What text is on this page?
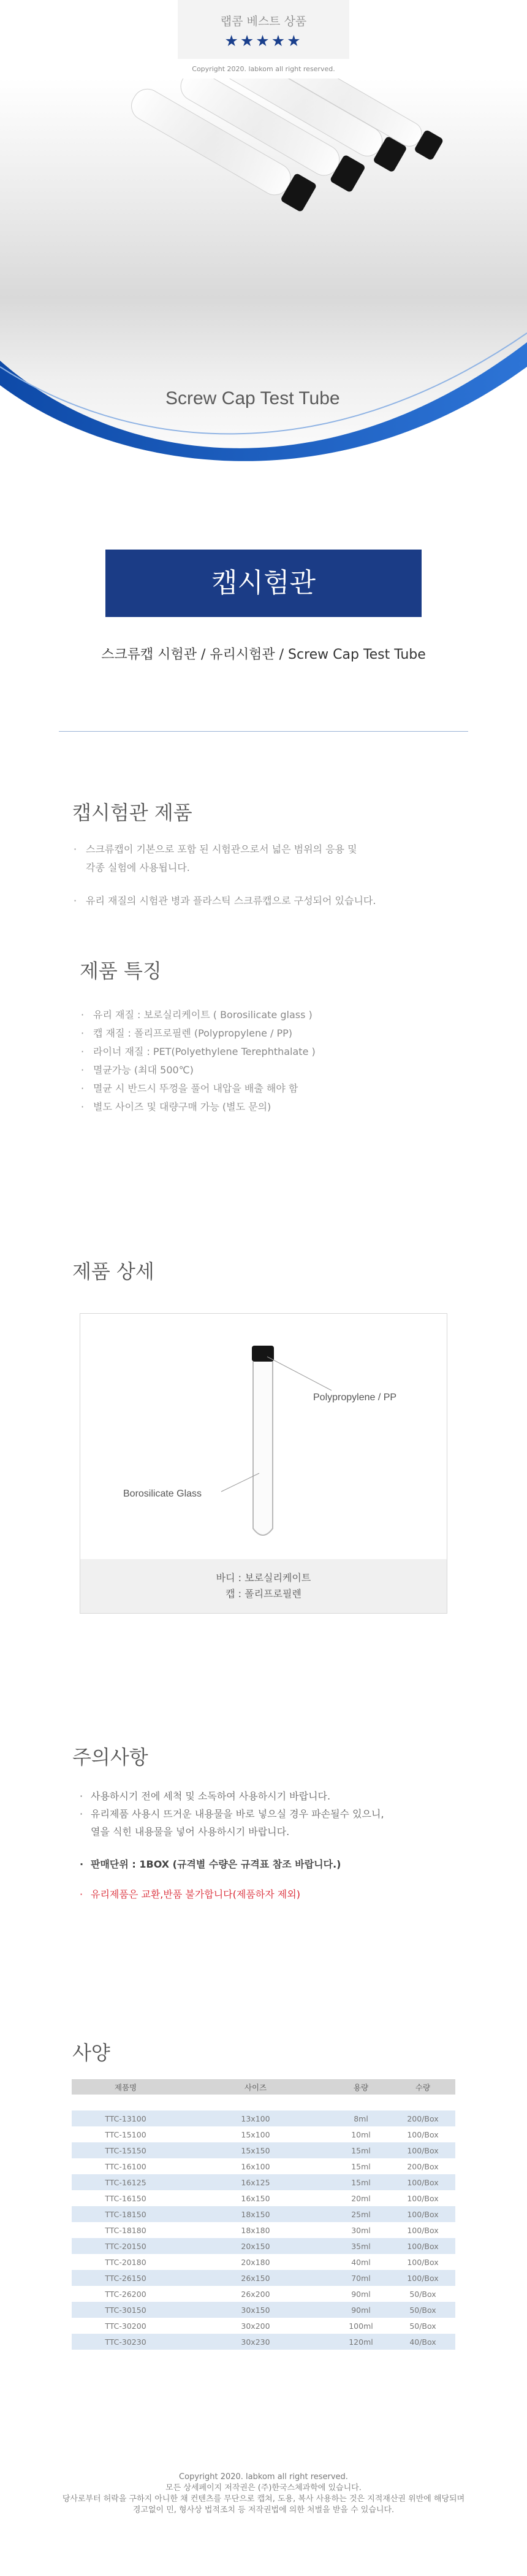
랩콤 베스트 상품
★★★★★
Copyright 2020. labkom all right reserved.
Screw Cap Test Tube
캡시험관
스크류캡 시험관 / 유리시험관 / Screw Cap Test Tube
캡시험관 제품
· 스크류캡이 기본으로 포함 된 시험관으로서 넓은 범위의 응용 및
각종 실험에 사용됩니다.
· 유리 재질의 시험관 병과 플라스틱 스크류캡으로 구성되어 있습니다.
제품 특징
· 유리 재질 : 보로실리케이트 ( Borosilicate glass )
· 캡 재질 : 폴리프로필렌 (Polypropylene / PP)
· 라이너 재질 : PET(Polyethylene Terephthalate )
· 멸균가능 (최대 500℃)
· 멸균 시 반드시 뚜껑을 풀어 내압을 배출 해야 함
· 별도 사이즈 및 대량구매 가능 (별도 문의)
제품 상세
Polypropylene / PP
Borosilicate Glass
바디 : 보로실리케이트
캡 : 폴리프로필렌
주의사항
· 사용하시기 전에 세척 및 소독하여 사용하시기 바랍니다.
· 유리제품 사용시 뜨거운 내용물을 바로 넣으실 경우 파손될수 있으니,
열을 식힌 내용물을 넣어 사용하시기 바랍니다.
· 판매단위 : 1BOX (규격별 수량은 규격표 참조 바랍니다.)
· 유리제품은 교환,반품 불가합니다(제품하자 제외)
사양
제품명	사이즈	용량	수량

TTC-13100	13x100	8ml	200/Box
TTC-15100	15x100	10ml	100/Box
TTC-15150	15x150	15ml	100/Box
TTC-16100	16x100	15ml	200/Box
TTC-16125	16x125	15ml	100/Box
TTC-16150	16x150	20ml	100/Box
TTC-18150	18x150	25ml	100/Box
TTC-18180	18x180	30ml	100/Box
TTC-20150	20x150	35ml	100/Box
TTC-20180	20x180	40ml	100/Box
TTC-26150	26x150	70ml	100/Box
TTC-26200	26x200	90ml	50/Box
TTC-30150	30x150	90ml	50/Box
TTC-30200	30x200	100ml	50/Box
TTC-30230	30x230	120ml	40/Box
Copyright 2020. labkom all right reserved.
모든 상세페이지 저작권은 (주)한국스체과학에 있습니다.
당사로부터 허락을 구하지 아니한 채 컨텐츠를 무단으로 캡쳐, 도용, 복사 사용하는 것은 지적재산권 위반에 해당되며
경고없이 민, 형사상 법적조치 등 저작권법에 의한 처벌을 받을 수 있습니다.
